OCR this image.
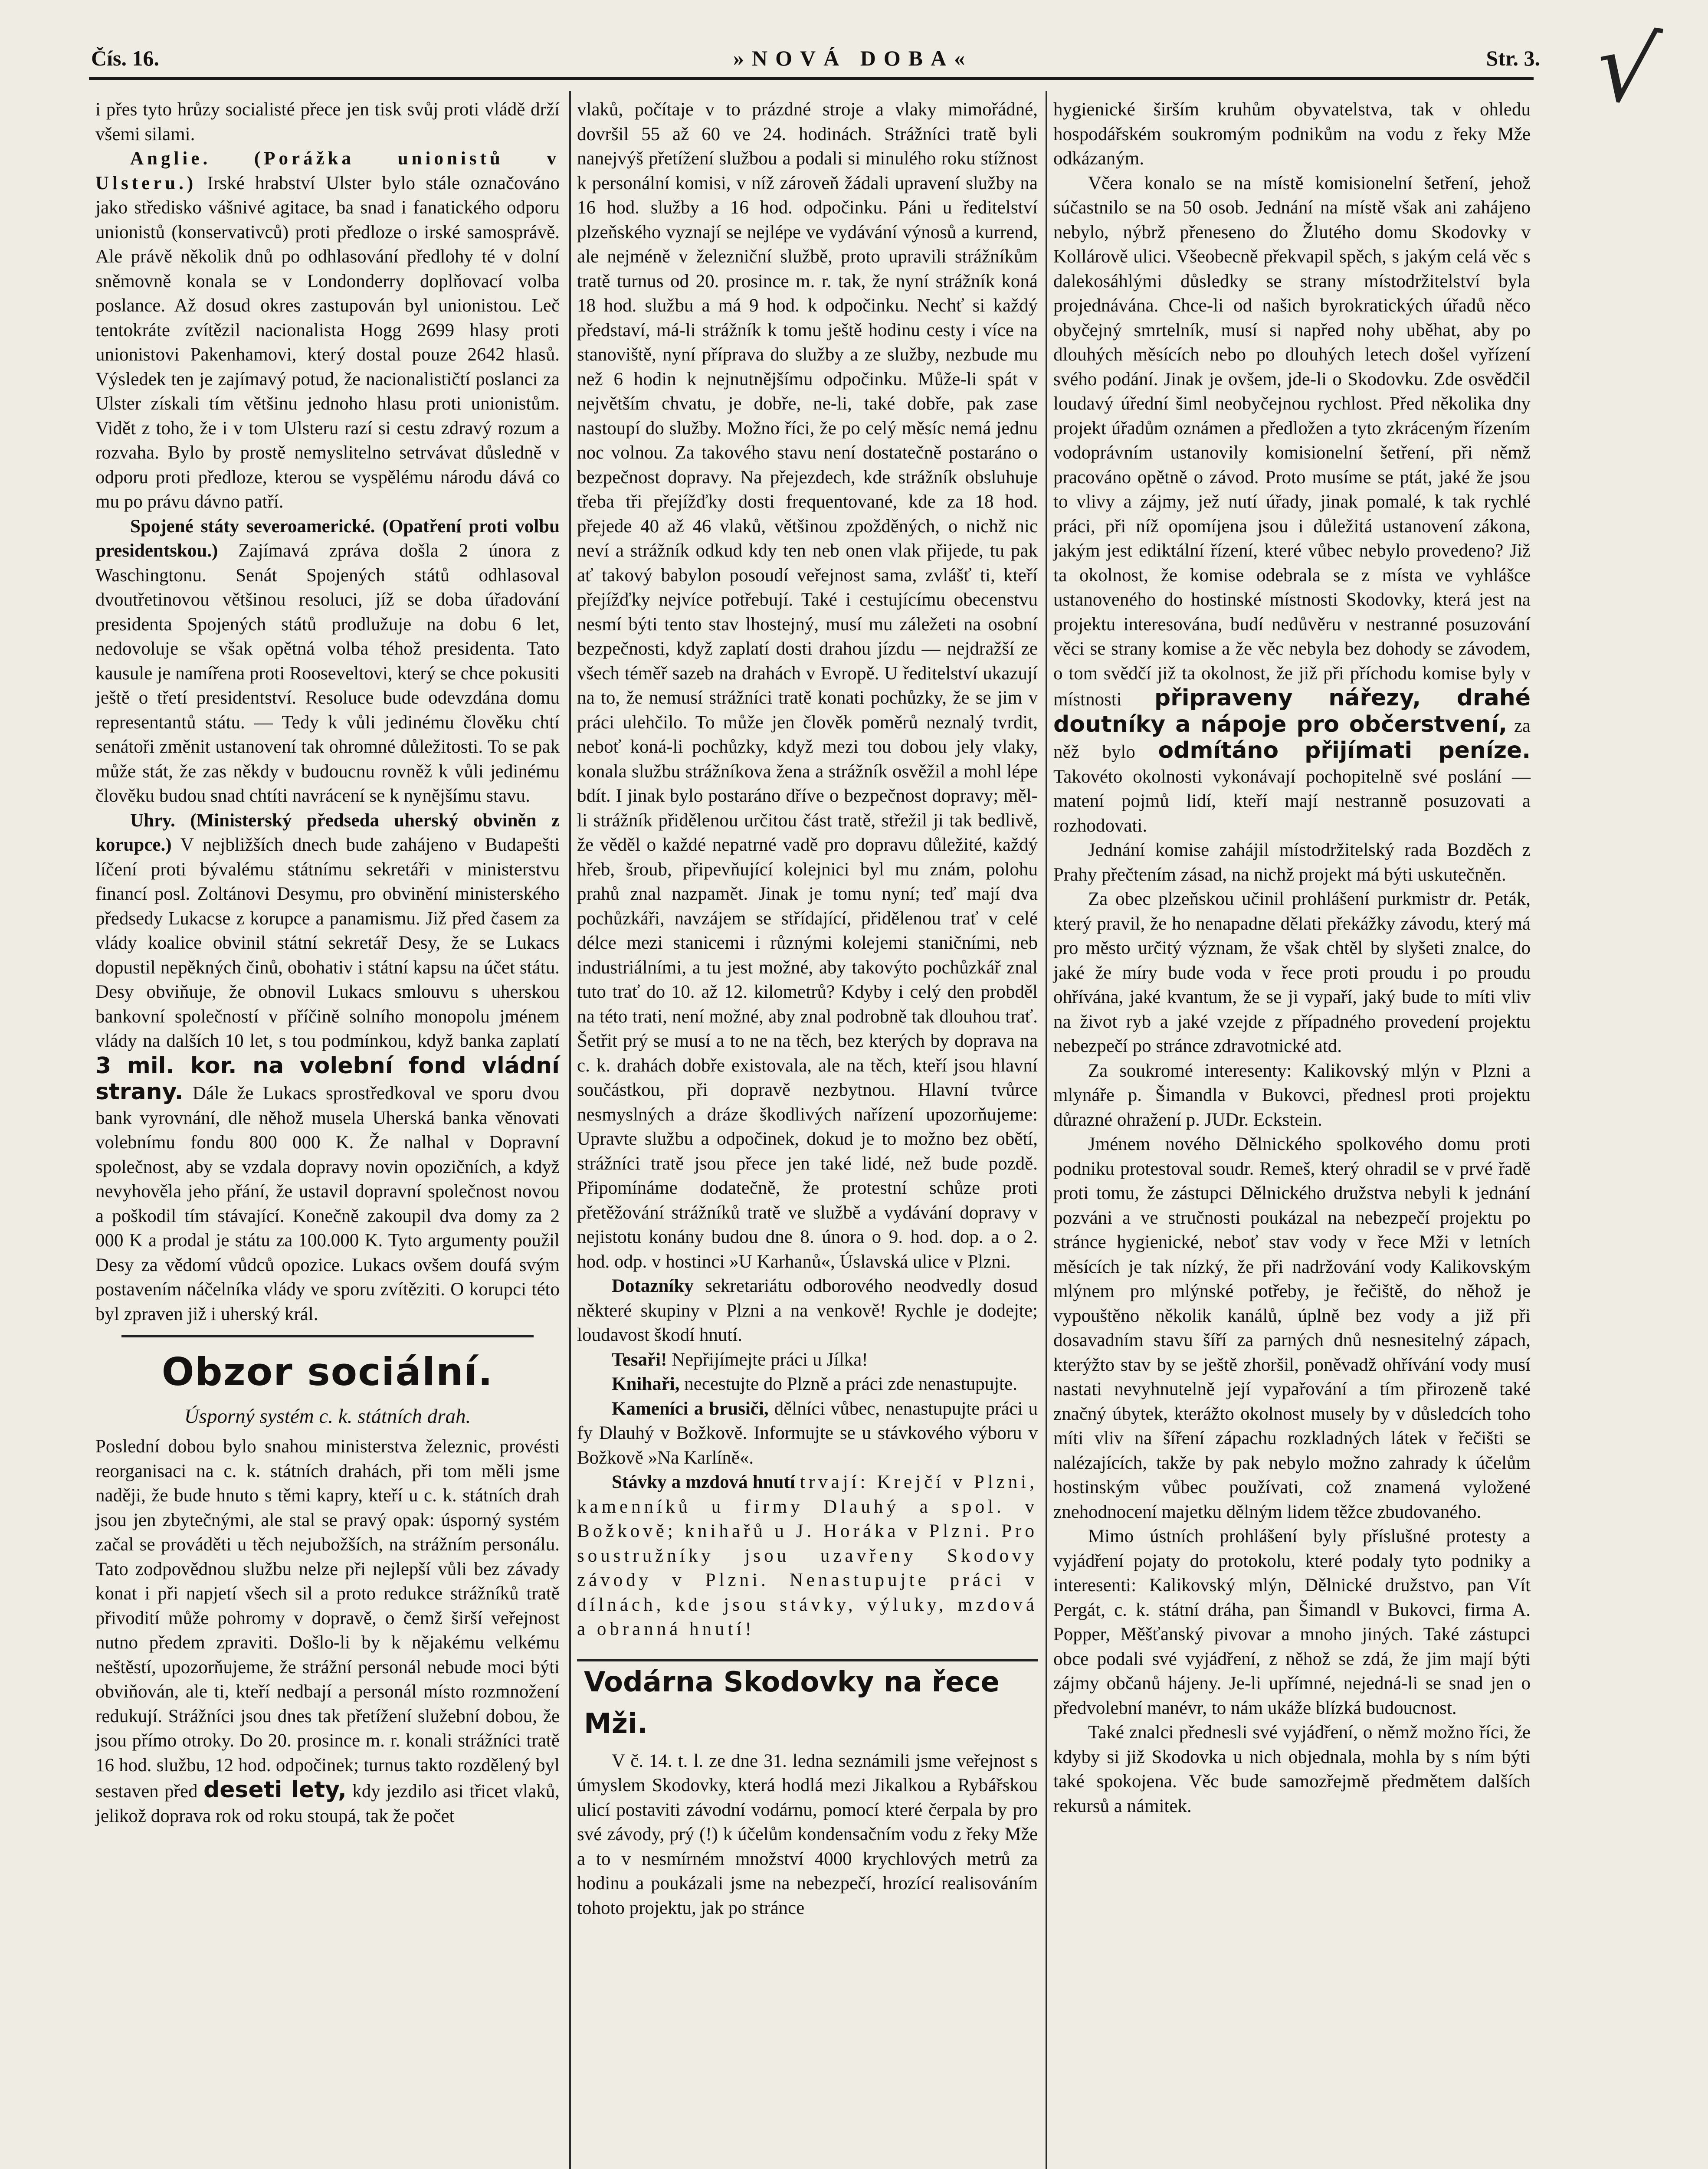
Čís. 16.	»NOVÁ DOBA«	Str. 3. √

i přes tyto hrůzy socialisté přece jen tisk svůj proti vládě drží všemi silami.

Anglie. (Porážka unionistů v Ulsteru.) Irské hrabství Ulster bylo stále označováno jako středisko vášnivé agitace, ba snad i fanatického odporu unionistů (konservativců) proti předloze o irské samosprávě. Ale právě několik dnů po odhlasování předlohy té v dolní sněmovně konala se v Londonderry doplňovací volba poslance. Až dosud okres zastupován byl unionistou. Leč tentokráte zvítězil nacionalista Hogg 2699 hlasy proti unionistovi Pakenhamovi, který dostal pouze 2642 hlasů. Výsledek ten je zajímavý potud, že nacionalističtí poslanci za Ulster získali tím většinu jednoho hlasu proti unionistům. Vidět z toho, že i v tom Ulsteru razí si cestu zdravý rozum a rozvaha. Bylo by prostě nemyslitelno setrvávat důsledně v odporu proti předloze, kterou se vyspělému národu dává co mu po právu dávno patří.

Spojené státy severoamerické. (Opatření proti volbu presidentskou.) Zajímavá zpráva došla 2 února z Waschingtonu. Senát Spojených států odhlasoval dvoutřetinovou většinou resoluci, jíž se doba úřadování presidenta Spojených států prodlužuje na dobu 6 let, nedovoluje se však opětná volba téhož presidenta. Tato kausule je namířena proti Rooseveltovi, který se chce pokusiti ještě o třetí presidentství. Resoluce bude odevzdána domu representantů státu. — Tedy k vůli jedinému člověku chtí senátoři změnit ustanovení tak ohromné důležitosti. To se pak může stát, že zas někdy v budoucnu rovněž k vůli jedinému člověku budou snad chtíti navrácení se k nynějšímu stavu.

Uhry. (Ministerský předseda uherský obviněn z korupce.) V nejbližších dnech bude zahájeno v Budapešti líčení proti bývalému státnímu sekretáři v ministerstvu financí posl. Zoltánovi Desymu, pro obvinění ministerského předsedy Lukacse z korupce a panamismu. Již před časem za vlády koalice obvinil státní sekretář Desy, že se Lukacs dopustil nepěkných činů, obohativ i státní kapsu na účet státu. Desy obviňuje, že obnovil Lukacs smlouvu s uherskou bankovní společností v příčině solního monopolu jménem vlády na dalších 10 let, s tou podmínkou, když banka zaplatí 3 mil. kor. na volební fond vládní strany. Dále že Lukacs sprostředkoval ve sporu dvou bank vyrovnání, dle něhož musela Uherská banka věnovati volebnímu fondu 800 000 K. Že nalhal v Dopravní společnost, aby se vzdala dopravy novin opozičních, a když nevyhověla jeho přání, že ustavil dopravní společnost novou a poškodil tím stávající. Konečně zakoupil dva domy za 2 000 K a prodal je státu za 100.000 K. Tyto argumenty použil Desy za vědomí vůdců opozice. Lukacs ovšem doufá svým postavením náčelníka vlády ve sporu zvítěziti. O korupci této byl zpraven již i uherský král.

Obzor sociální.
Úsporný systém c. k. státních drah.

Poslední dobou bylo snahou ministerstva železnic, provésti reorganisaci na c. k. státních drahách, při tom měli jsme naději, že bude hnuto s těmi kapry, kteří u c. k. státních drah jsou jen zbytečnými, ale stal se pravý opak: úsporný systém začal se prováděti u těch nejubožších, na strážním personálu. Tato zodpovědnou službu nelze při nejlepší vůli bez závady konat i při napjetí všech sil a proto redukce strážníků tratě přivodití může pohromy v dopravě, o čemž širší veřejnost nutno předem zpraviti. Došlo-li by k nějakému velkému neštěstí, upozorňujeme, že strážní personál nebude moci býti obviňován, ale ti, kteří nedbají a personál místo rozmnožení redukují. Strážníci jsou dnes tak přetížení služební dobou, že jsou přímo otroky. Do 20. prosince m. r. konali strážníci tratě 16 hod. službu, 12 hod. odpočinek; turnus takto rozdělený byl sestaven před deseti lety, kdy jezdilo asi třicet vlaků, jelikož doprava rok od roku stoupá, tak že počet

vlaků, počítaje v to prázdné stroje a vlaky mimořádné, dovršil 55 až 60 ve 24. hodinách. Strážníci tratě byli nanejvýš přetížení službou a podali si minulého roku stížnost k personální komisi, v níž zároveň žádali upravení služby na 16 hod. služby a 16 hod. odpočinku. Páni u ředitelství plzeňského vyznají se nejlépe ve vydávání výnosů a kurrend, ale nejméně v železniční službě, proto upravili strážníkům tratě turnus od 20. prosince m. r. tak, že nyní strážník koná 18 hod. službu a má 9 hod. k odpočinku. Nechť si každý představí, má-li strážník k tomu ještě hodinu cesty i více na stanoviště, nyní příprava do služby a ze služby, nezbude mu než 6 hodin k nejnutnějšímu odpočinku. Může-li spát v největším chvatu, je dobře, ne-li, také dobře, pak zase nastoupí do služby. Možno říci, že po celý měsíc nemá jednu noc volnou. Za takového stavu není dostatečně postaráno o bezpečnost dopravy. Na přejezdech, kde strážník obsluhuje třeba tři přejížďky dosti frequentované, kde za 18 hod. přejede 40 až 46 vlaků, většinou zpožděných, o nichž nic neví a strážník odkud kdy ten neb onen vlak přijede, tu pak ať takový babylon posoudí veřejnost sama, zvlášť ti, kteří přejížďky nejvíce potřebují. Také i cestujícímu obecenstvu nesmí býti tento stav lhostejný, musí mu záležeti na osobní bezpečnosti, když zaplatí dosti drahou jízdu — nejdražší ze všech téměř sazeb na drahách v Evropě. U ředitelství ukazují na to, že nemusí strážníci tratě konati pochůzky, že se jim v práci ulehčilo. To může jen člověk poměrů neznalý tvrdit, neboť koná-li pochůzky, když mezi tou dobou jely vlaky, konala službu strážníkova žena a strážník osvěžil a mohl lépe bdít. I jinak bylo postaráno dříve o bezpečnost dopravy; měl-li strážník přidělenou určitou část tratě, střežil ji tak bedlivě, že věděl o každé nepatrné vadě pro dopravu důležité, každý hřeb, šroub, připevňující kolejnici byl mu znám, polohu prahů znal nazpamět. Jinak je tomu nyní; teď mají dva pochůzkáři, navzájem se střídající, přidělenou trať v celé délce mezi stanicemi i různými kolejemi staničními, neb industriálními, a tu jest možné, aby takovýto pochůzkář znal tuto trať do 10. až 12. kilometrů? Kdyby i celý den probděl na této trati, není možné, aby znal podrobně tak dlouhou trať. Šetřit prý se musí a to ne na těch, bez kterých by doprava na c. k. drahách dobře existovala, ale na těch, kteří jsou hlavní součástkou, při dopravě nezbytnou. Hlavní tvůrce nesmyslných a dráze škodlivých nařízení upozorňujeme: Upravte službu a odpočinek, dokud je to možno bez obětí, strážníci tratě jsou přece jen také lidé, než bude pozdě. Připomínáme dodatečně, že protestní schůze proti přetěžování strážníků tratě ve službě a vydávání dopravy v nejistotu konány budou dne 8. února o 9. hod. dop. a o 2. hod. odp. v hostinci »U Karhanů«, Úslavská ulice v Plzni.

Dotazníky sekretariátu odborového neodvedly dosud některé skupiny v Plzni a na venkově! Rychle je dodejte; loudavost škodí hnutí.

Tesaři! Nepřijímejte práci u Jílka!

Knihaři, necestujte do Plzně a práci zde nenastupujte.

Kameníci a brusiči, dělníci vůbec, nenastupujte práci u fy Dlauhý v Božkově. Informujte se u stávkového výboru v Božkově »Na Karlíně«.

Stávky a mzdová hnutí trvají: Krejčí v Plzni, kamenníků u firmy Dlauhý a spol. v Božkově; knihařů u J. Horáka v Plzni. Pro soustružníky jsou uzavřeny Skodovy závody v Plzni. Nenastupujte práci v dílnách, kde jsou stávky, výluky, mzdová a obranná hnutí!

Vodárna Skodovky na řece Mži.

V č. 14. t. l. ze dne 31. ledna seznámili jsme veřejnost s úmyslem Skodovky, která hodlá mezi Jikalkou a Rybářskou ulicí postaviti závodní vodárnu, pomocí které čerpala by pro své závody, prý (!) k účelům kondensačním vodu z řeky Mže a to v nesmírném množství 4000 krychlových metrů za hodinu a poukázali jsme na nebezpečí, hrozící realisováním tohoto projektu, jak po stránce

hygienické širším kruhům obyvatelstva, tak v ohledu hospodářském soukromým podnikům na vodu z řeky Mže odkázaným.

Včera konalo se na místě komisionelní šetření, jehož súčastnilo se na 50 osob. Jednání na místě však ani zahájeno nebylo, nýbrž přeneseno do Žlutého domu Skodovky v Kollárově ulici. Všeobecně překvapil spěch, s jakým celá věc s dalekosáhlými důsledky se strany místodržitelství byla projednávána. Chce-li od našich byrokratických úřadů něco obyčejný smrtelník, musí si napřed nohy uběhat, aby po dlouhých měsících nebo po dlouhých letech došel vyřízení svého podání. Jinak je ovšem, jde-li o Skodovku. Zde osvědčil loudavý úřední šiml neobyčejnou rychlost. Před několika dny projekt úřadům oznámen a předložen a tyto zkráceným řízením vodoprávním ustanovily komisionelní šetření, při němž pracováno opětně o závod. Proto musíme se ptát, jaké že jsou to vlivy a zájmy, jež nutí úřady, jinak pomalé, k tak rychlé práci, při níž opomíjena jsou i důležitá ustanovení zákona, jakým jest ediktální řízení, které vůbec nebylo provedeno? Již ta okolnost, že komise odebrala se z místa ve vyhlášce ustanoveného do hostinské místnosti Skodovky, která jest na projektu interesována, budí nedůvěru v nestranné posuzování věci se strany komise a že věc nebyla bez dohody se závodem, o tom svědčí již ta okolnost, že již při příchodu komise byly v místnosti připraveny nářezy, drahé doutníky a nápoje pro občerstvení, za něž bylo odmítáno přijímati peníze. Takovéto okolnosti vykonávají pochopitelně své poslání — matení pojmů lidí, kteří mají nestranně posuzovati a rozhodovati.

Jednání komise zahájil místodržitelský rada Bozděch z Prahy přečtením zásad, na nichž projekt má býti uskutečněn.

Za obec plzeňskou učinil prohlášení purkmistr dr. Peták, který pravil, že ho nenapadne dělati překážky závodu, který má pro město určitý význam, že však chtěl by slyšeti znalce, do jaké že míry bude voda v řece proti proudu i po proudu ohřívána, jaké kvantum, že se ji vypaří, jaký bude to míti vliv na život ryb a jaké vzejde z případného provedení projektu nebezpečí po stránce zdravotnické atd.

Za soukromé interesenty: Kalikovský mlýn v Plzni a mlynáře p. Šimandla v Bukovci, přednesl proti projektu důrazné ohražení p. JUDr. Eckstein.

Jménem nového Dělnického spolkového domu proti podniku protestoval soudr. Remeš, který ohradil se v prvé řadě proti tomu, že zástupci Dělnického družstva nebyli k jednání pozváni a ve stručnosti poukázal na nebezpečí projektu po stránce hygienické, neboť stav vody v řece Mži v letních měsících je tak nízký, že při nadržování vody Kalikovským mlýnem pro mlýnské potřeby, je řečiště, do něhož je vypouštěno několik kanálů, úplně bez vody a již při dosavadním stavu šíří za parných dnů nesnesitelný zápach, kterýžto stav by se ještě zhoršil, poněvadž ohřívání vody musí nastati nevyhnutelně její vypařování a tím přirozeně také značný úbytek, kterážto okolnost musely by v důsledcích toho míti vliv na šíření zápachu rozkladných látek v řečišti se nalézajících, takže by pak nebylo možno zahrady k účelům hostinským vůbec používati, což znamená vyložené znehodnocení majetku dělným lidem těžce zbudovaného.

Mimo ústních prohlášení byly příslušné protesty a vyjádření pojaty do protokolu, které podaly tyto podniky a interesenti: Kalikovský mlýn, Dělnické družstvo, pan Vít Pergát, c. k. státní dráha, pan Šimandl v Bukovci, firma A. Popper, Měšťanský pivovar a mnoho jiných. Také zástupci obce podali své vyjádření, z něhož se zdá, že jim mají býti zájmy občanů hájeny. Je-li upřímné, nejedná-li se snad jen o předvolební manévr, to nám ukáže blízká budoucnost.

Také znalci přednesli své vyjádření, o němž možno říci, že kdyby si již Skodovka u nich objednala, mohla by s ním býti také spokojena. Věc bude samozřejmě předmětem dalších rekursů a námitek.
